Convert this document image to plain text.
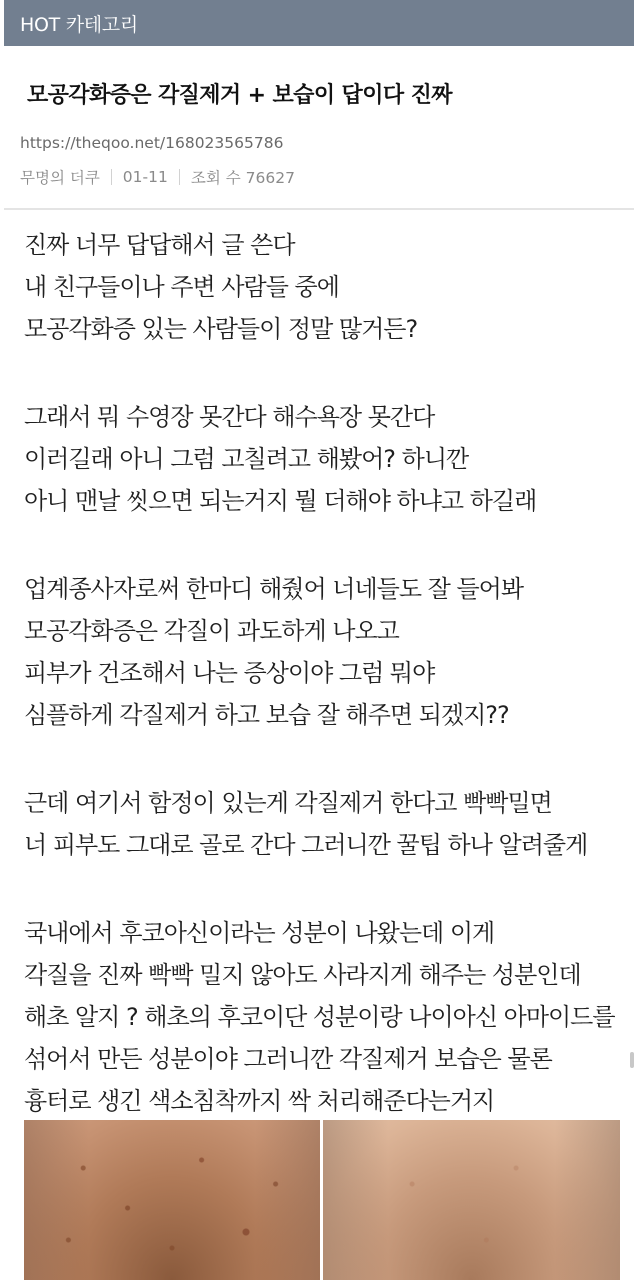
HOT 카테고리
모공각화증은 각질제거 + 보습이 답이다 진짜
https://theqoo.net/168023565786
무명의 더쿠 01-11 조회 수 76627
진짜 너무 답답해서 글 쓴다
내 친구들이나 주변 사람들 중에
모공각화증 있는 사람들이 정말 많거든?
그래서 뭐 수영장 못간다 해수욕장 못간다
이러길래 아니 그럼 고칠려고 해봤어? 하니깐
아니 맨날 씻으면 되는거지 뭘 더해야 하냐고 하길래
업계종사자로써 한마디 해줬어 너네들도 잘 들어봐
모공각화증은 각질이 과도하게 나오고
피부가 건조해서 나는 증상이야 그럼 뭐야
심플하게 각질제거 하고 보습 잘 해주면 되겠지??
근데 여기서 함정이 있는게 각질제거 한다고 빡빡밀면
너 피부도 그대로 골로 간다 그러니깐 꿀팁 하나 알려줄게
국내에서 후코아신이라는 성분이 나왔는데 이게
각질을 진짜 빡빡 밀지 않아도 사라지게 해주는 성분인데
해초 알지 ? 해초의 후코이단 성분이랑 나이아신 아마이드를
섞어서 만든 성분이야 그러니깐 각질제거 보습은 물론
흉터로 생긴 색소침착까지 싹 처리해준다는거지
